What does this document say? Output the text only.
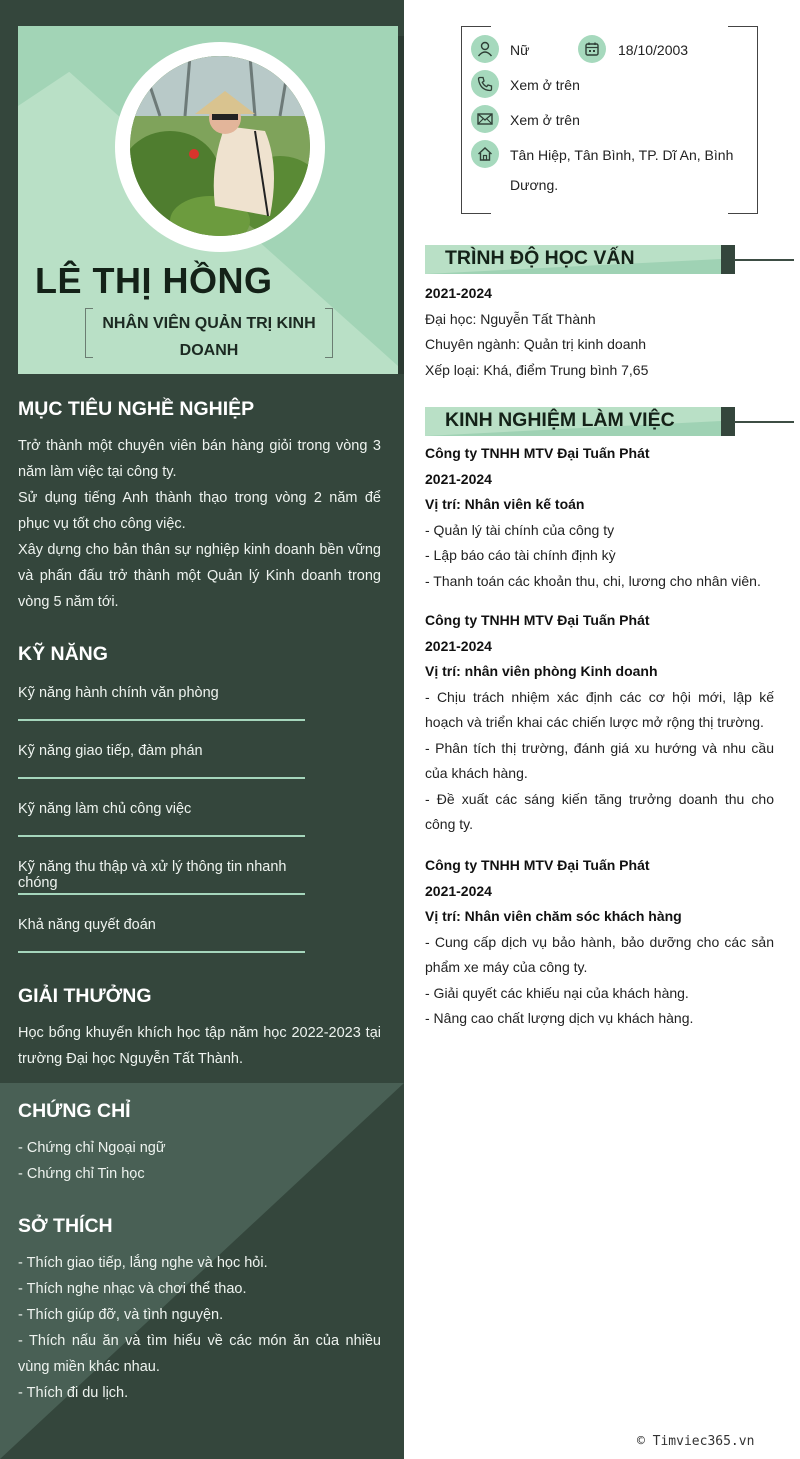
LÊ THỊ HỒNG
NHÂN VIÊN QUẢN TRỊ KINH DOANH
MỤC TIÊU NGHỀ NGHIỆP

Trở thành một chuyên viên bán hàng giỏi trong vòng 3 năm làm việc tại công ty.

Sử dụng tiếng Anh thành thạo trong vòng 2 năm để phục vụ tốt cho công việc.

Xây dựng cho bản thân sự nghiệp kinh doanh bền vững và phấn đấu trở thành một Quản lý Kinh doanh trong vòng 5 năm tới.

KỸ NĂNG
Kỹ năng hành chính văn phòng
Kỹ năng giao tiếp, đàm phán
Kỹ năng làm chủ công việc
Kỹ năng thu thập và xử lý thông tin nhanh chóng
Khả năng quyết đoán
GIẢI THƯỞNG
Học bổng khuyến khích học tập năm học 2022-2023 tại trường Đại học Nguyễn Tất Thành.
CHỨNG CHỈ

- Chứng chỉ Ngoại ngữ

- Chứng chỉ Tin học

SỞ THÍCH

- Thích giao tiếp, lắng nghe và học hỏi.

- Thích nghe nhạc và chơi thể thao.

- Thích giúp đỡ, và tình nguyện.

- Thích nấu ăn và tìm hiểu về các món ăn của nhiều vùng miền khác nhau.

- Thích đi du lịch.

Nữ	18/10/2003
Xem ở trên
Xem ở trên
Tân Hiệp, Tân Bình, TP. Dĩ An, Bình
Dương.
TRÌNH ĐỘ HỌC VẤN

2021-2024

Đại học: Nguyễn Tất Thành

Chuyên ngành: Quản trị kinh doanh

Xếp loại: Khá, điểm Trung bình 7,65

KINH NGHIỆM LÀM VIỆC

Công ty TNHH MTV Đại Tuấn Phát

2021-2024

Vị trí: Nhân viên kế toán

- Quản lý tài chính của công ty

- Lập báo cáo tài chính định kỳ

- Thanh toán các khoản thu, chi, lương cho nhân viên.

Công ty TNHH MTV Đại Tuấn Phát

2021-2024

Vị trí: nhân viên phòng Kinh doanh

- Chịu trách nhiệm xác định các cơ hội mới, lập kế hoạch và triển khai các chiến lược mở rộng thị trường.

- Phân tích thị trường, đánh giá xu hướng và nhu cầu của khách hàng.

- Đề xuất các sáng kiến tăng trưởng doanh thu cho công ty.

Công ty TNHH MTV Đại Tuấn Phát

2021-2024

Vị trí: Nhân viên chăm sóc khách hàng

- Cung cấp dịch vụ bảo hành, bảo dưỡng cho các sản phẩm xe máy của công ty.

- Giải quyết các khiếu nại của khách hàng.

- Nâng cao chất lượng dịch vụ khách hàng.

© Timviec365.vn
